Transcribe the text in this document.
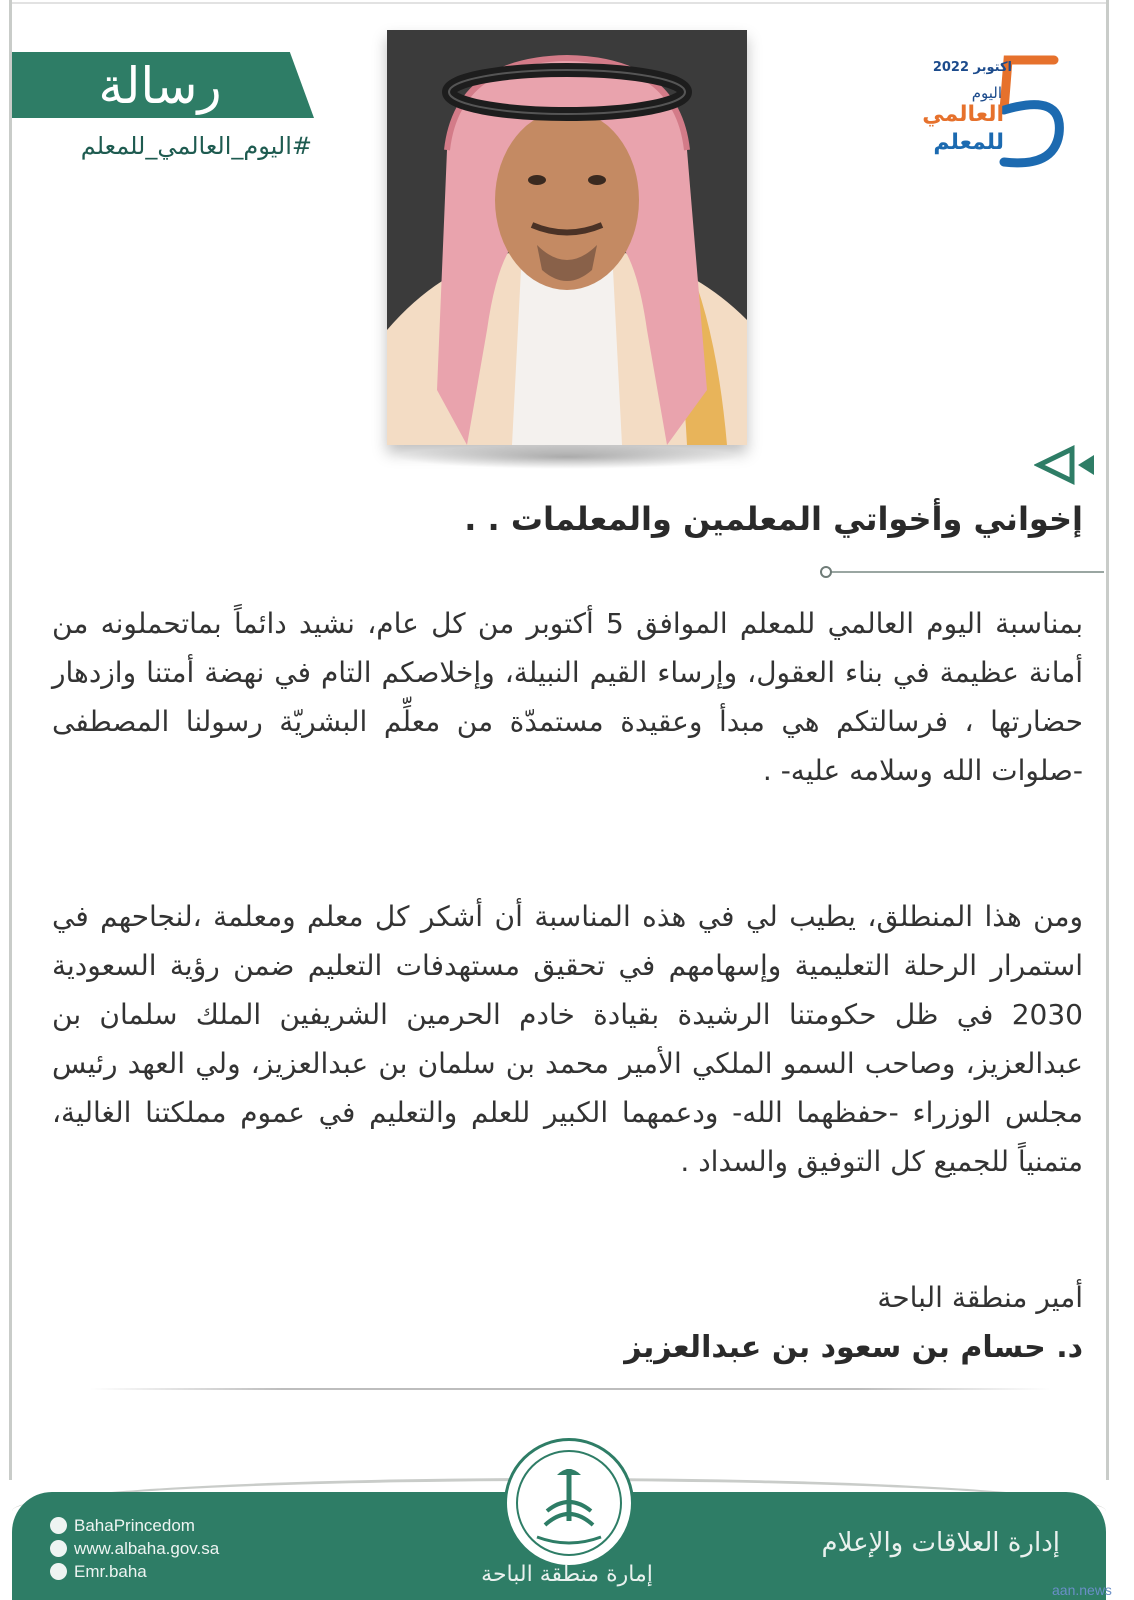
رسالة
#اليوم_العالمي_للمعلم
اكتوبر 2022
اليوم
العالمي
للمعلم
إخواني وأخواتي المعلمين والمعلمات . .
بمناسبة اليوم العالمي للمعلم الموافق 5 أكتوبر من كل عام، نشيد دائماً بماتحملونه من أمانة عظيمة في بناء العقول، وإرساء القيم النبيلة، وإخلاصكم التام في نهضة أمتنا وازدهار حضارتها ، فرسالتكم هي مبدأ وعقيدة مستمدّة من معلِّم البشريّة رسولنا المصطفى -صلوات الله وسلامه عليه- .
ومن هذا المنطلق، يطيب لي في هذه المناسبة أن أشكر كل معلم ومعلمة ،لنجاحهم في استمرار الرحلة التعليمية وإسهامهم في تحقيق مستهدفات التعليم ضمن رؤية السعودية 2030 في ظل حكومتنا الرشيدة بقيادة خادم الحرمين الشريفين الملك سلمان بن عبدالعزيز، وصاحب السمو الملكي الأمير محمد بن سلمان بن عبدالعزيز، ولي العهد رئيس مجلس الوزراء -حفظهما الله- ودعمهما الكبير للعلم والتعليم في عموم مملكتنا الغالية، متمنياً للجميع كل التوفيق والسداد .
أمير منطقة الباحة
د. حسام بن سعود بن عبدالعزيز
إمارة منطقة الباحة
إدارة العلاقات والإعلام
BahaPrincedom
www.albaha.gov.sa
Emr.baha
aan.news
